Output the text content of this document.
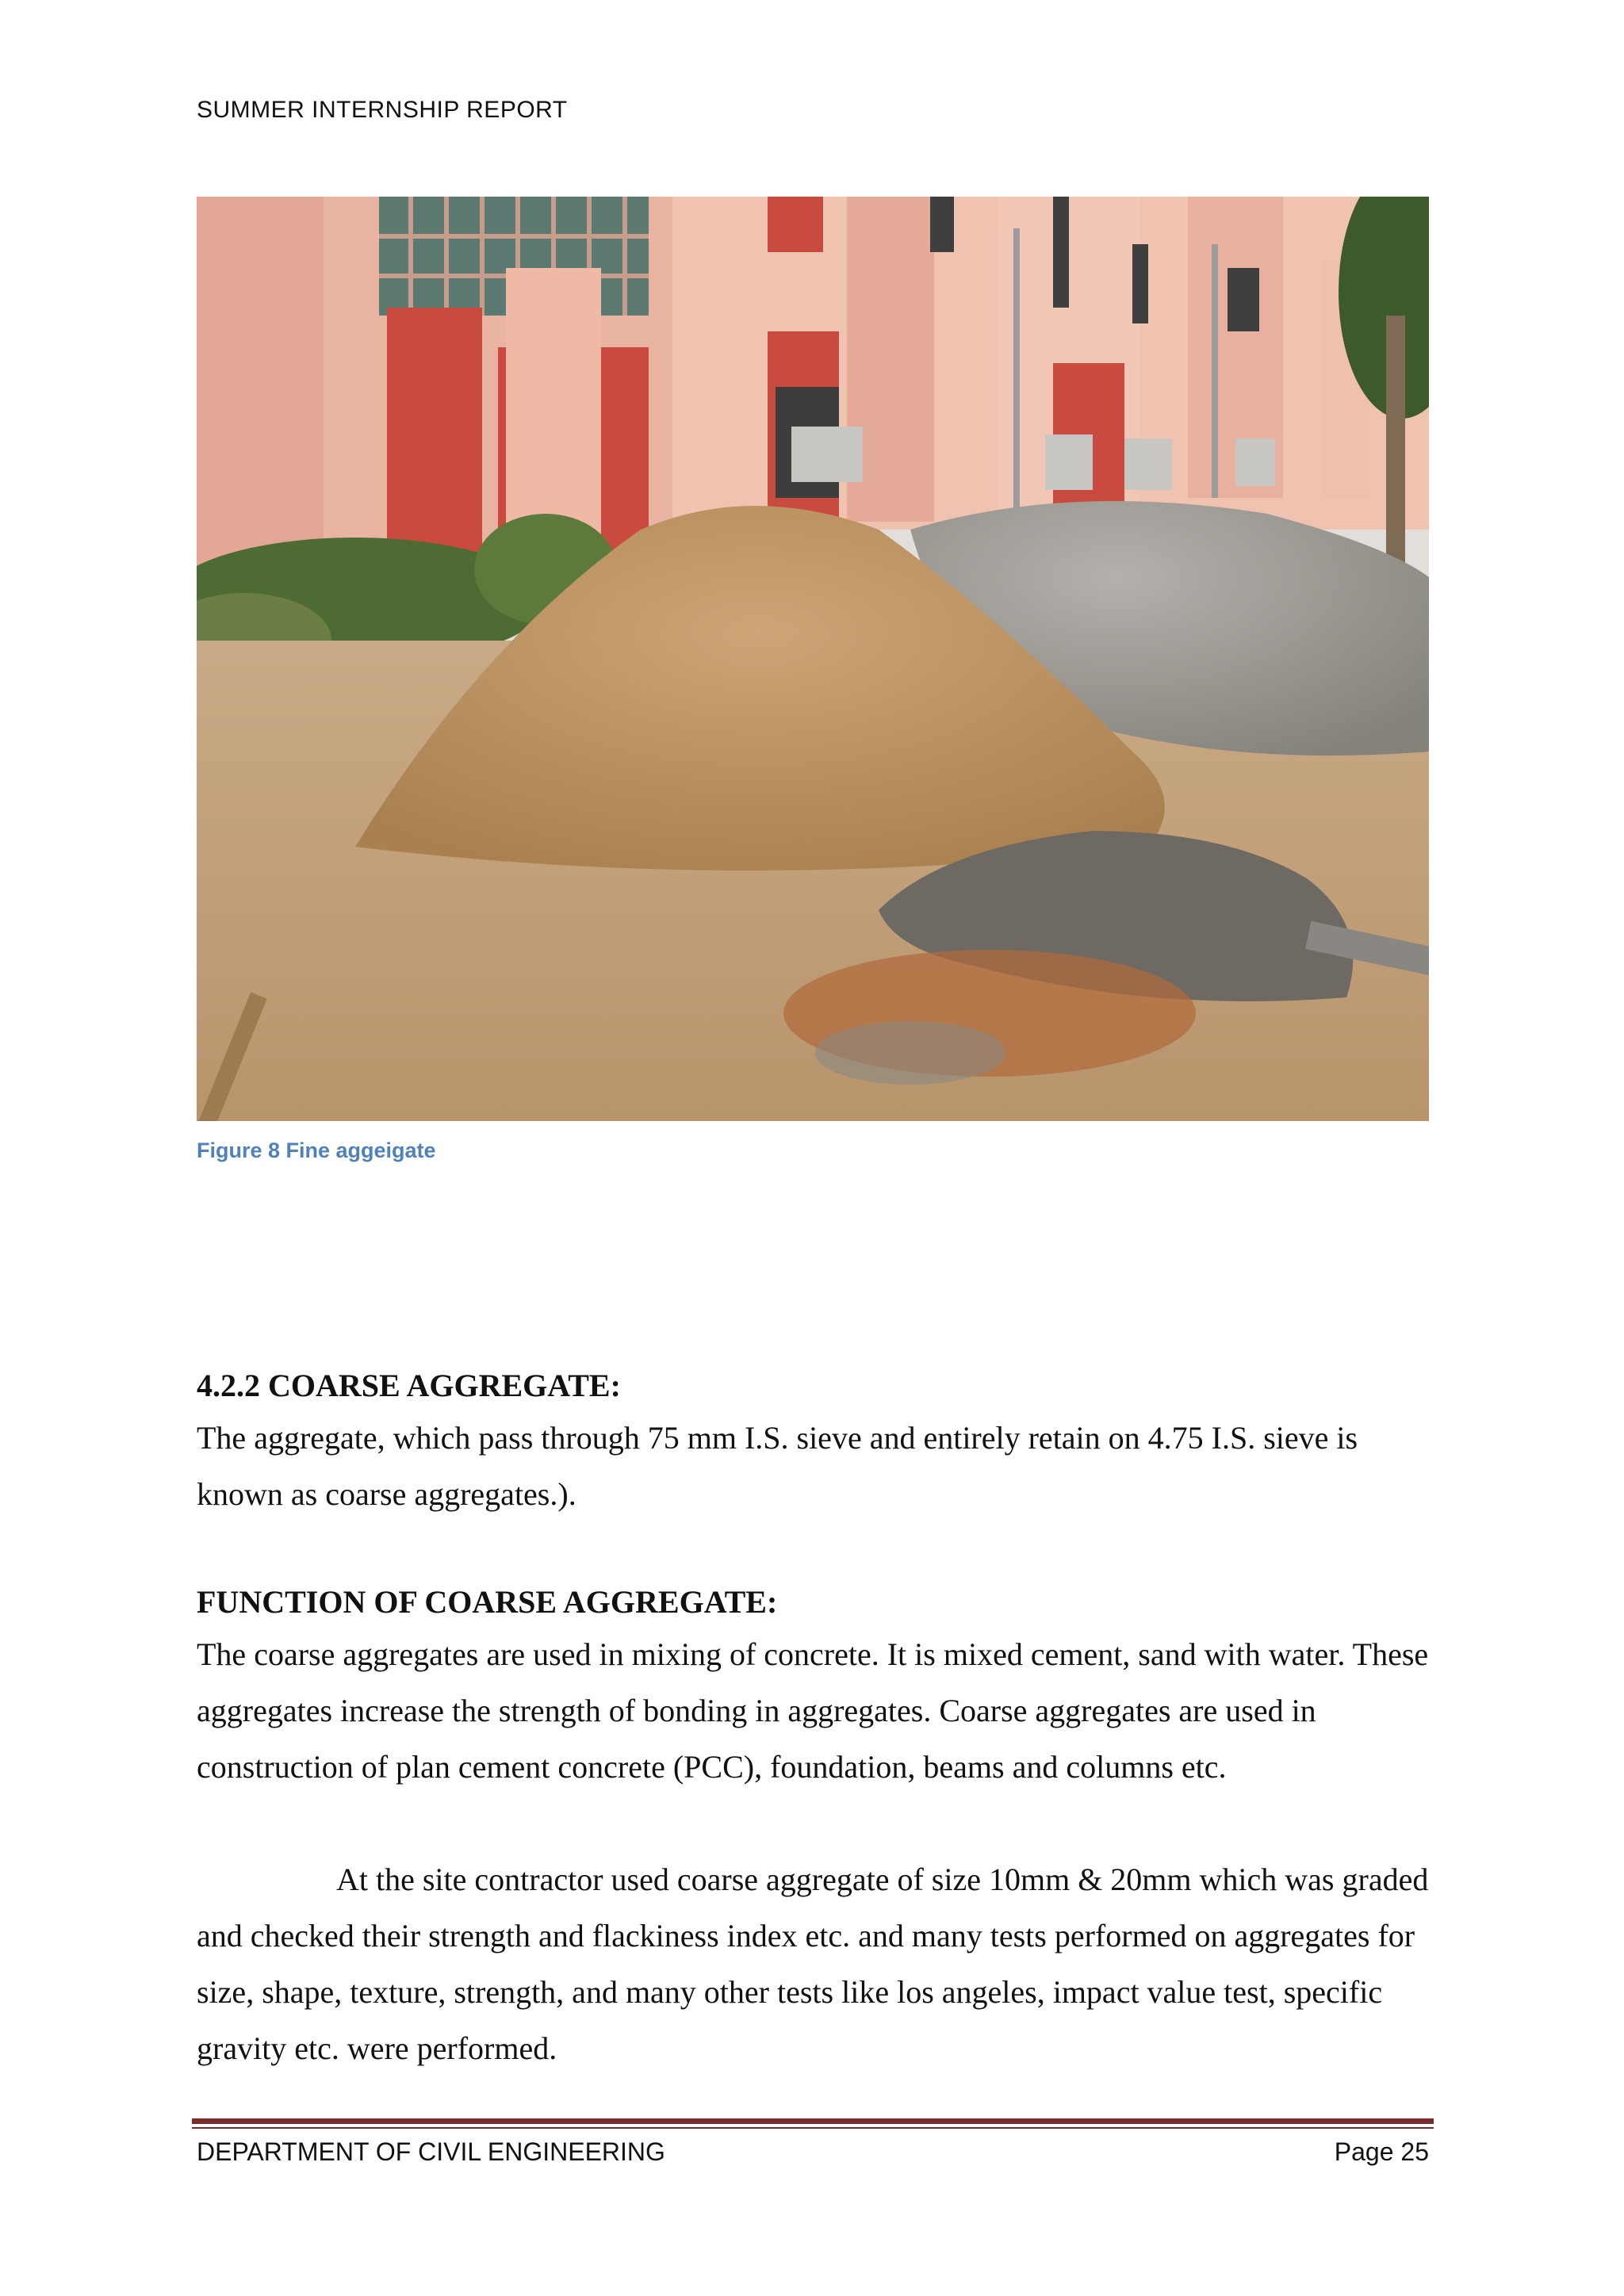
SUMMER INTERNSHIP REPORT
Figure 8 Fine aggeigate
4.2.2 COARSE AGGREGATE:

The aggregate, which pass through 75 mm I.S. sieve and entirely retain on 4.75 I.S. sieve is known as coarse aggregates.).

FUNCTION OF COARSE AGGREGATE:

The coarse aggregates are used in mixing of concrete. It is mixed cement, sand with water. These aggregates increase the strength of bonding in aggregates. Coarse aggregates are used in construction of plan cement concrete (PCC), foundation, beams and columns etc.

At the site contractor used coarse aggregate of size 10mm & 20mm which was graded and checked their strength and flackiness index etc. and many tests performed on aggregates for size, shape, texture, strength, and many other tests like los angeles, impact value test, specific gravity etc. were performed.

DEPARTMENT OF CIVIL ENGINEERING	Page 25
